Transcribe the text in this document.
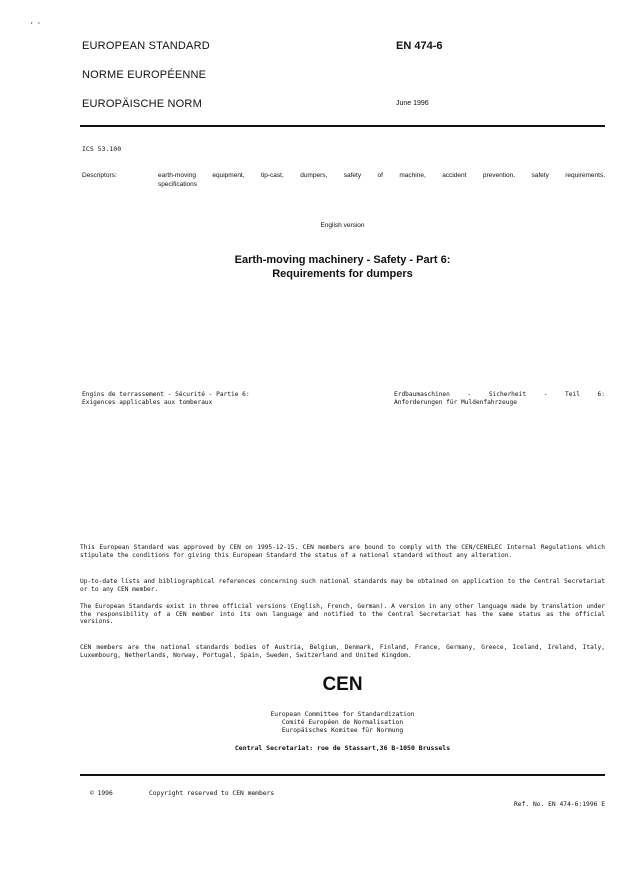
, ,
EUROPEAN STANDARD	EN 474-6
NORME EUROPÉENNE
EUROPÄISCHE NORM	June 1996
ICS 53.100
Descriptors:	earth-moving equipment, tip-cast, dumpers, safety of machine, accident prevention, safety requirements,
specifications
English version
Earth-moving machinery - Safety - Part 6:
Requirements for dumpers
Engins de terrassement - Sécurité - Partie 6:
Exigences applicables aux tomberaux
Erdbaumaschinen - Sicherheit - Teil 6:
Anforderungen für Muldenfahrzeuge
This European Standard was approved by CEN on 1995-12-15. CEN members are bound to comply with the CEN/CENELEC Internal Regulations which stipulate the conditions for giving this European Standard the status of a national standard without any alteration.
Up-to-date lists and bibliographical references concerning such national standards may be obtained on application to the Central Secretariat or to any CEN member.
The European Standards exist in three official versions (English, French, German). A version in any other language made by translation under the responsibility of a CEN member into its own language and notified to the Central Secretariat has the same status as the official versions.
CEN members are the national standards bodies of Austria, Belgium, Denmark, Finland, France, Germany, Greece, Iceland, Ireland, Italy, Luxembourg, Netherlands, Norway, Portugal, Spain, Sweden, Switzerland and United Kingdom.
CEN
European Committee for Standardization
Comité Européen de Normalisation
Europäisches Komitee für Normung
Central Secretariat: rue de Stassart,36 B-1050 Brussels
© 1996	Copyright reserved to CEN members
Ref. No. EN 474-6:1996 E
